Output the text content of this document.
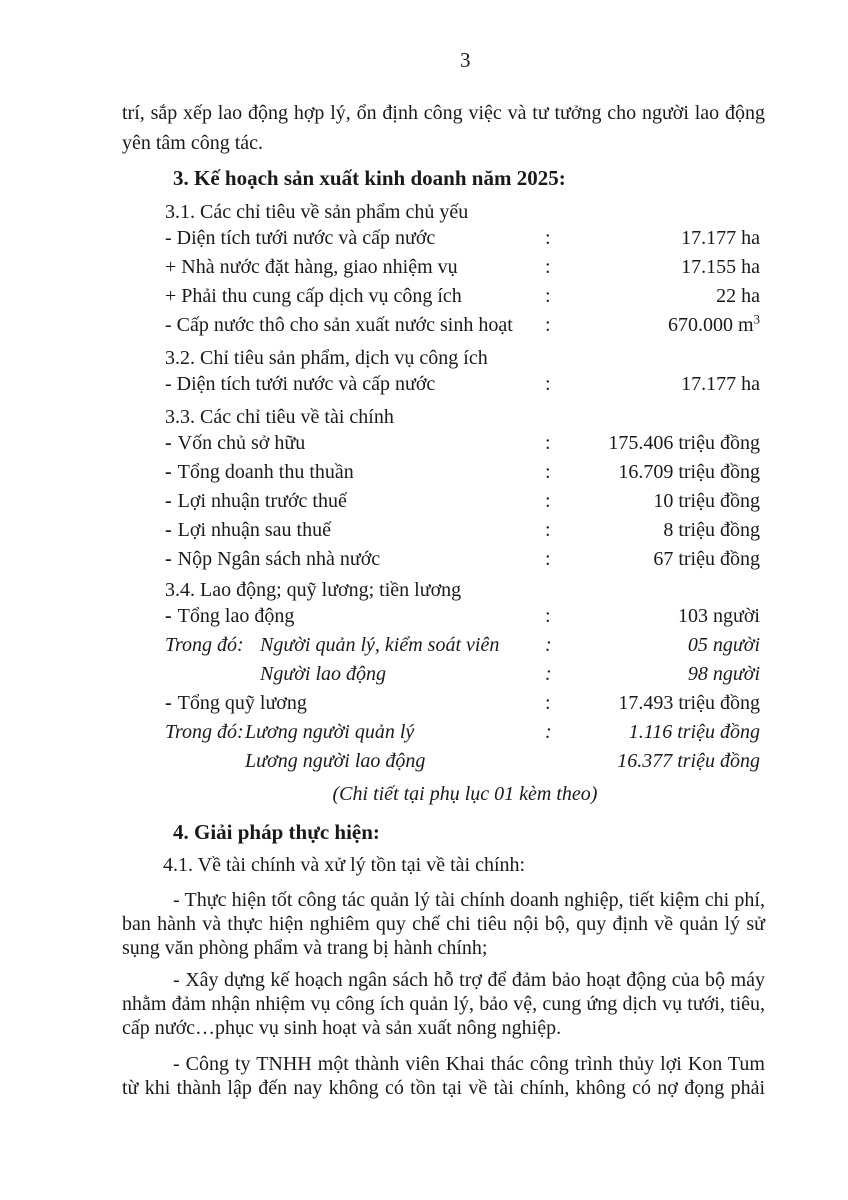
3
trí, sắp xếp lao động hợp lý, ổn định công việc và tư tưởng cho người lao động
yên tâm công tác.
3. Kế hoạch sản xuất kinh doanh năm 2025:
3.1. Các chỉ tiêu về sản phẩm chủ yếu
- Diện tích tưới nước và cấp nước	:	17.177 ha
+ Nhà nước đặt hàng, giao nhiệm vụ	:	17.155 ha
+ Phải thu cung cấp dịch vụ công ích	:	22 ha
- Cấp nước thô cho sản xuất nước sinh hoạt :	670.000 $m^3$
3.2. Chỉ tiêu sản phẩm, dịch vụ công ích
- Diện tích tưới nước và cấp nước	:	17.177 ha
3.3. Các chỉ tiêu về tài chính
- Vốn chủ sở hữu	:	175.406 triệu đồng
- Tổng doanh thu thuần	:	16.709 triệu đồng
- Lợi nhuận trước thuế	:	10 triệu đồng
- Lợi nhuận sau thuế	:	8 triệu đồng
- Nộp Ngân sách nhà nước	:	67 triệu đồng
3.4. Lao động; quỹ lương; tiền lương
- Tổng lao động	:	103 người
Trong đó: Người quản lý, kiểm soát viên :	05 người
Người lao động	:	98 người
- Tổng quỹ lương	:	17.493 triệu đồng
Trong đó: Lương người quản lý	:	1.116 triệu đồng
Lương người lao động	16.377 triệu đồng
(Chi tiết tại phụ lục 01 kèm theo)
4. Giải pháp thực hiện:
4.1. Về tài chính và xử lý tồn tại về tài chính:
- Thực hiện tốt công tác quản lý tài chính doanh nghiệp, tiết kiệm chi phí,
ban hành và thực hiện nghiêm quy chế chi tiêu nội bộ, quy định về quản lý sử
sụng văn phòng phẩm và trang bị hành chính;
- Xây dựng kế hoạch ngân sách hỗ trợ để đảm bảo hoạt động của bộ máy
nhằm đảm nhận nhiệm vụ công ích quản lý, bảo vệ, cung ứng dịch vụ tưới, tiêu,
cấp nước…phục vụ sinh hoạt và sản xuất nông nghiệp.
- Công ty TNHH một thành viên Khai thác công trình thủy lợi Kon Tum
từ khi thành lập đến nay không có tồn tại về tài chính, không có nợ đọng phải
